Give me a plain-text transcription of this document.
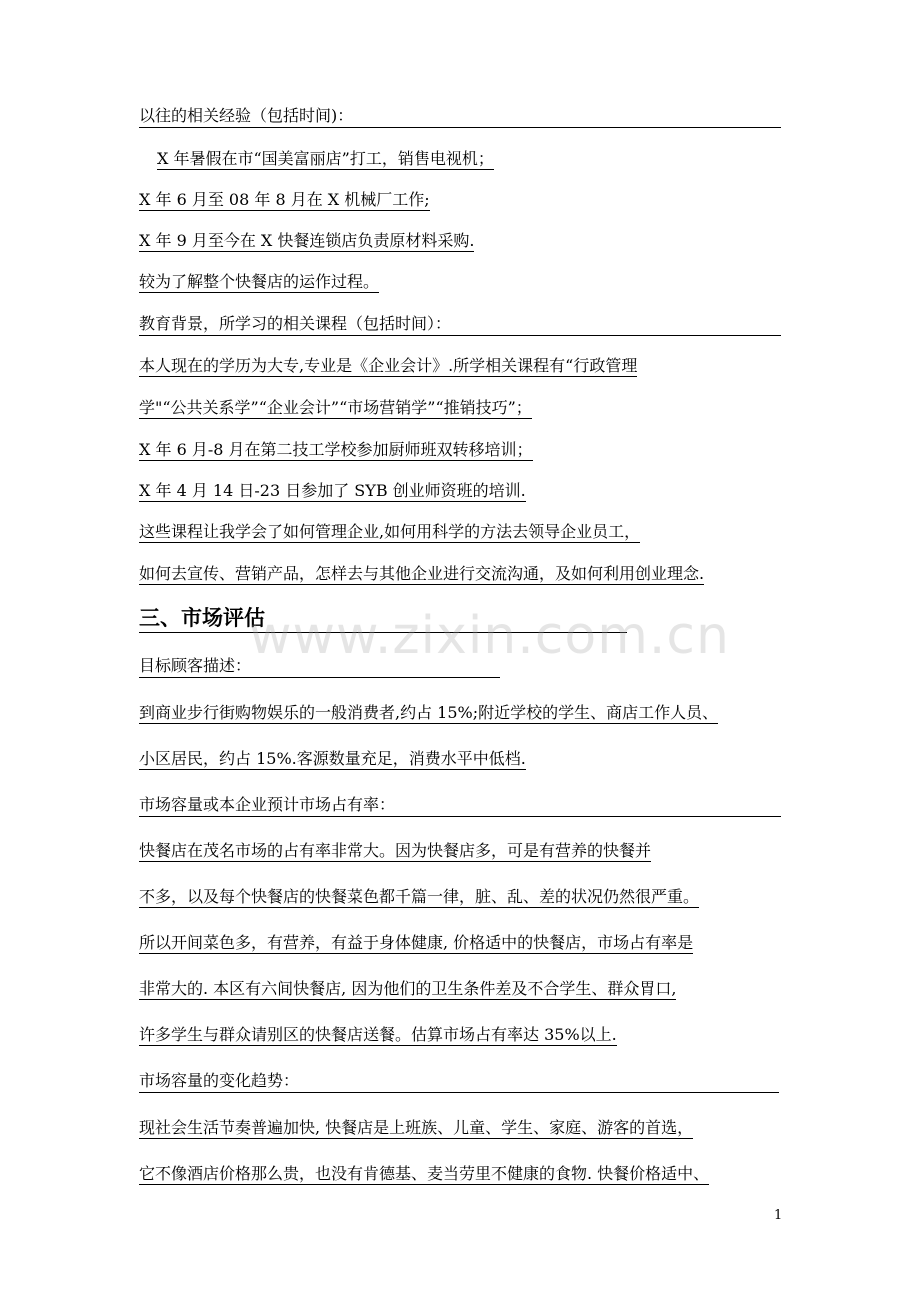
以往的相关经验（包括时间)：
X 年暑假在市“国美富丽店”打工，销售电视机；
X 年 6 月至 08 年 8 月在 X 机械厂工作;
X 年 9 月至今在 X 快餐连锁店负责原材料采购.
较为了解整个快餐店的运作过程。
教育背景，所学习的相关课程（包括时间）：
本人现在的学历为大专,专业是《企业会计》.所学相关课程有“行政管理
学"“公共关系学”“企业会计”“市场营销学”“推销技巧”；
X 年 6 月-8 月在第二技工学校参加厨师班双转移培训；
X 年 4 月 14 日-23 日参加了 SYB 创业师资班的培训.
这些课程让我学会了如何管理企业,如何用科学的方法去领导企业员工，
如何去宣传、营销产品，怎样去与其他企业进行交流沟通，及如何利用创业理念.
三、市场评估
www.zixin.com.cn
目标顾客描述：
到商业步行街购物娱乐的一般消费者,约占 15%;附近学校的学生、商店工作人员、
小区居民，约占 15%.客源数量充足，消费水平中低档.
市场容量或本企业预计市场占有率：
快餐店在茂名市场的占有率非常大。因为快餐店多，可是有营养的快餐并
不多，以及每个快餐店的快餐菜色都千篇一律，脏、乱、差的状况仍然很严重。
所以开间菜色多，有营养，有益于身体健康, 价格适中的快餐店，市场占有率是
非常大的. 本区有六间快餐店, 因为他们的卫生条件差及不合学生、群众胃口,
许多学生与群众请别区的快餐店送餐。估算市场占有率达 35%以上.
市场容量的变化趋势：
现社会生活节奏普遍加快, 快餐店是上班族、儿童、学生、家庭、游客的首选，
它不像酒店价格那么贵，也没有肯德基、麦当劳里不健康的食物. 快餐价格适中、
1
